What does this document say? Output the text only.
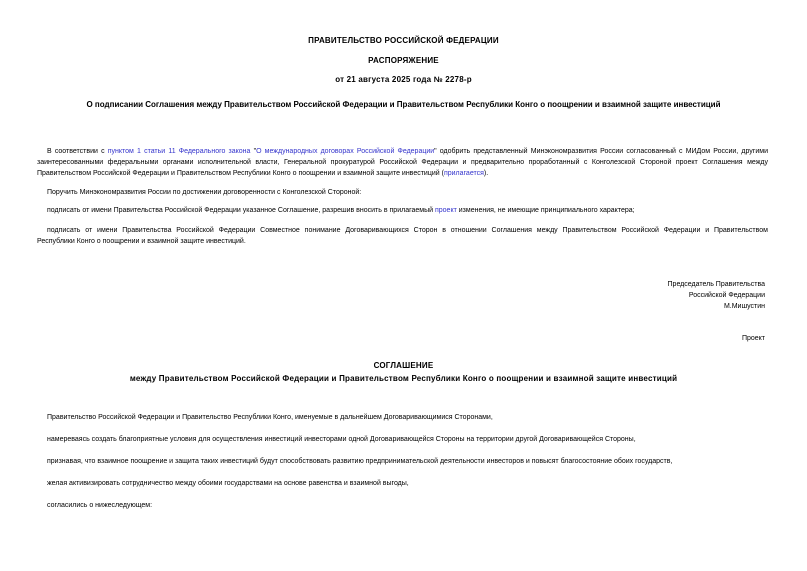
ПРАВИТЕЛЬСТВО РОССИЙСКОЙ ФЕДЕРАЦИИ
РАСПОРЯЖЕНИЕ
от 21 августа 2025 года № 2278-р
О подписании Соглашения между Правительством Российской Федерации и Правительством Республики Конго о поощрении и взаимной защите инвестиций
В соответствии с пунктом 1 статьи 11 Федерального закона "О международных договорах Российской Федерации" одобрить представленный Минэкономразвития России согласованный с МИДом России, другими
заинтересованными федеральными органами исполнительной власти, Генеральной прокуратурой Российской Федерации и предварительно проработанный с Конголезской Стороной проект Соглашения между
Правительством Российской Федерации и Правительством Республики Конго о поощрении и взаимной защите инвестиций (прилагается).
Поручить Минэкономразвития России по достижении договоренности с Конголезской Стороной:
подписать от имени Правительства Российской Федерации указанное Соглашение, разрешив вносить в прилагаемый проект изменения, не имеющие принципиального характера;
подписать от имени Правительства Российской Федерации Совместное понимание Договаривающихся Сторон в отношении Соглашения между Правительством Российской Федерации и Правительством
Республики Конго о поощрении и взаимной защите инвестиций.
Председатель Правительства
Российской Федерации
М.Мишустин
Проект
СОГЛАШЕНИЕ
между Правительством Российской Федерации и Правительством Республики Конго о поощрении и взаимной защите инвестиций
Правительство Российской Федерации и Правительство Республики Конго, именуемые в дальнейшем Договаривающимися Сторонами,
намереваясь создать благоприятные условия для осуществления инвестиций инвесторами одной Договаривающейся Стороны на территории другой Договаривающейся Стороны,
признавая, что взаимное поощрение и защита таких инвестиций будут способствовать развитию предпринимательской деятельности инвесторов и повысят благосостояние обоих государств,
желая активизировать сотрудничество между обоими государствами на основе равенства и взаимной выгоды,
согласились о нижеследующем:
